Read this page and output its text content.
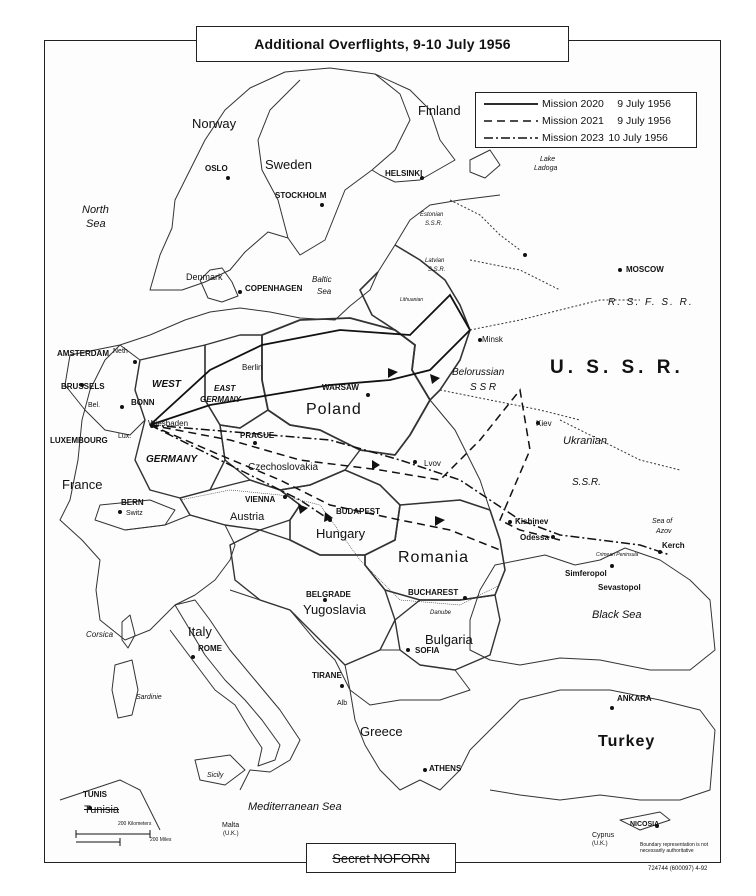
Additional Overflights, 9-10 July 1956
Mission 2020
9 July 1956
Mission 2021
9 July 1956
Mission 2023
10 July 1956
Norway
Sweden
Finland
Denmark
WEST
GERMANY
EAST
GERMANY
Poland
Czechoslovakia
Austria
Hungary
Romania
Yugoslavia
Bulgaria
Italy
Greece
Turkey
France
Switz
Neth
Bel.
Lux.
Tunisia
Alb
U. S. S. R.
R. S. F. S. R.
Malta
(U.K.)	Cyprus
(U.K.)
Estonian
S.S.R.
Latvian
S.S.R.
Lithuanian
Belorussian
S S R
Ukranian
S.S.R.
North
Sea
Baltic
Sea
Black Sea
Mediterranean Sea
Sea of
Azov
Lake
Ladoga
Corsica
Sardinie
Sicily
Crimean Peninsula
Danube
OSLO
STOCKHOLM
HELSINKI
COPENHAGEN
MOSCOW
Minsk
Kiev
Lvov
Kishinev
Odessa
Kerch
Simferopol
Sevastopol
WARSAW
Berlin
AMSTERDAM
BRUSSELS
BONN
Wiesbaden
LUXEMBOURG
PRAGUE
VIENNA
BUDAPEST
BERN
BELGRADE	BUCHAREST
SOFIA
ROME
TIRANE
ATHENS
ANKARA
TUNIS
NICOSIA
200 Kilometers
200 Miles
Boundary representation is not necessarily authoritative
Secret NOFORN
724744 (600097) 4-92
